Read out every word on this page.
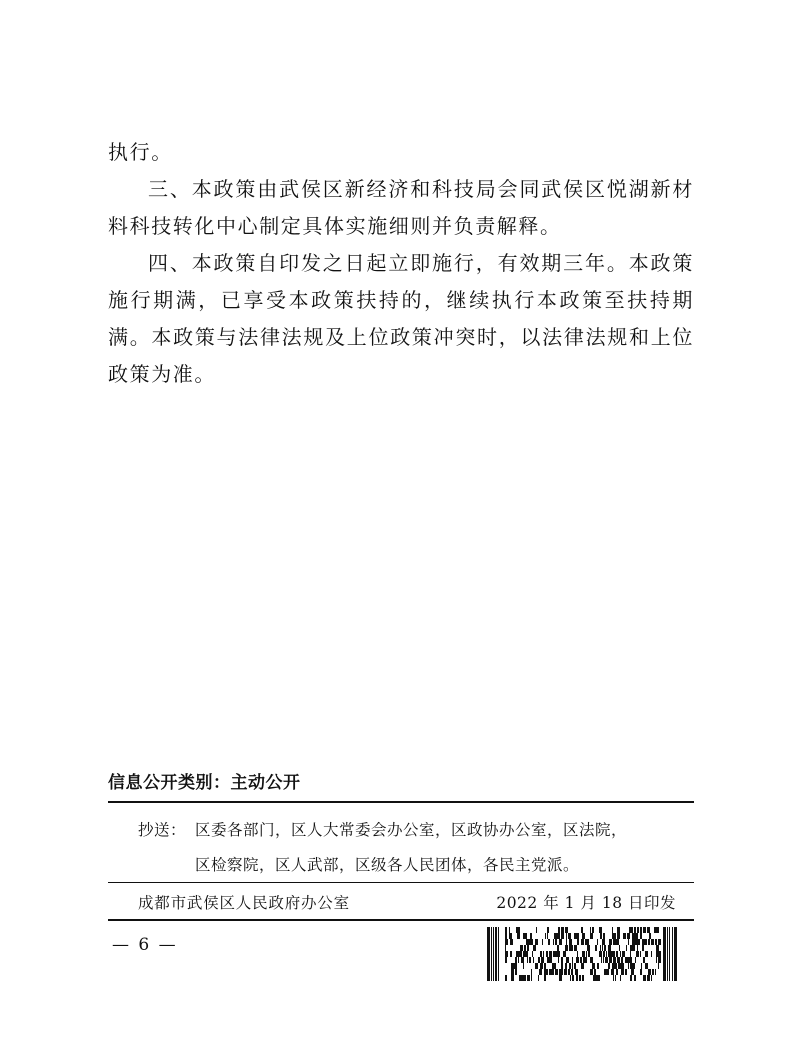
执行。

三、本政策由武侯区新经济和科技局会同武侯区悦湖新材料科技转化中心制定具体实施细则并负责解释。

四、本政策自印发之日起立即施行，有效期三年。本政策施行期满，已享受本政策扶持的，继续执行本政策至扶持期满。本政策与法律法规及上位政策冲突时，以法律法规和上位政策为准。

信息公开类别：主动公开
抄送： 区委各部门，区人大常委会办公室，区政协办公室，区法院，
区检察院，区人武部，区级各人民团体，各民主党派。
成都市武侯区人民政府办公室	2022 年 1 月 18 日印发
— 6 —
